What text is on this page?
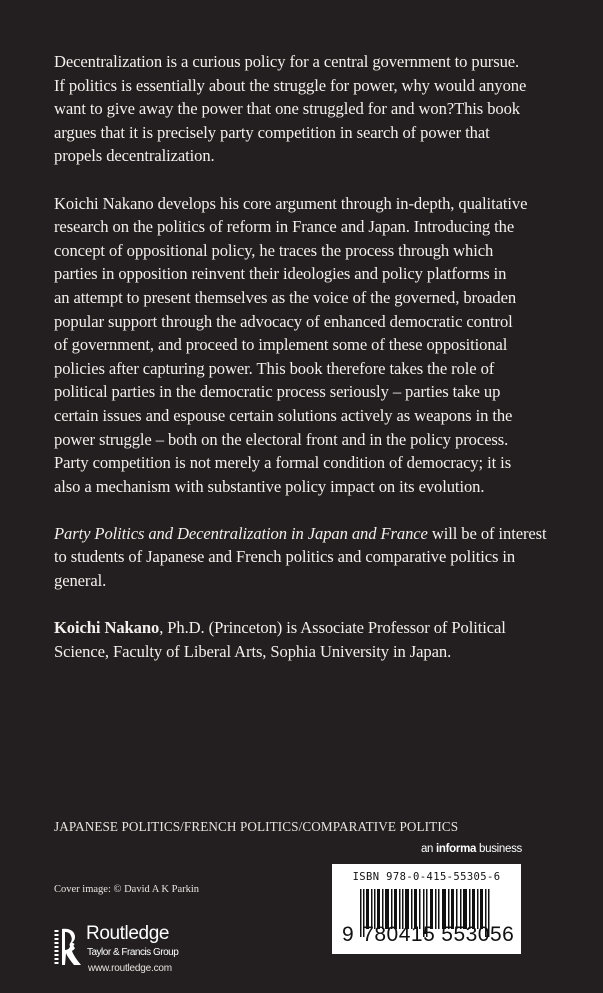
Decentralization is a curious policy for a central government to pursue.

If politics is essentially about the struggle for power, why would anyone

want to give away the power that one struggled for and won?This book

argues that it is precisely party competition in search of power that

propels decentralization.

Koichi Nakano develops his core argument through in-depth, qualitative

research on the politics of reform in France and Japan. Introducing the

concept of oppositional policy, he traces the process through which

parties in opposition reinvent their ideologies and policy platforms in

an attempt to present themselves as the voice of the governed, broaden

popular support through the advocacy of enhanced democratic control

of government, and proceed to implement some of these oppositional

policies after capturing power. This book therefore takes the role of

political parties in the democratic process seriously – parties take up

certain issues and espouse certain solutions actively as weapons in the

power struggle – both on the electoral front and in the policy process.

Party competition is not merely a formal condition of democracy; it is

also a mechanism with substantive policy impact on its evolution.

Party Politics and Decentralization in Japan and France will be of interest

to students of Japanese and French politics and comparative politics in

general.

Koichi Nakano, Ph.D. (Princeton) is Associate Professor of Political

Science, Faculty of Liberal Arts, Sophia University in Japan.

JAPANESE POLITICS/FRENCH POLITICS/COMPARATIVE POLITICS
an informa business
Cover image: © David A K Parkin
Routledge
Taylor & Francis Group
www.routledge.com
ISBN 978-0-415-55305-6
9 780415 553056
